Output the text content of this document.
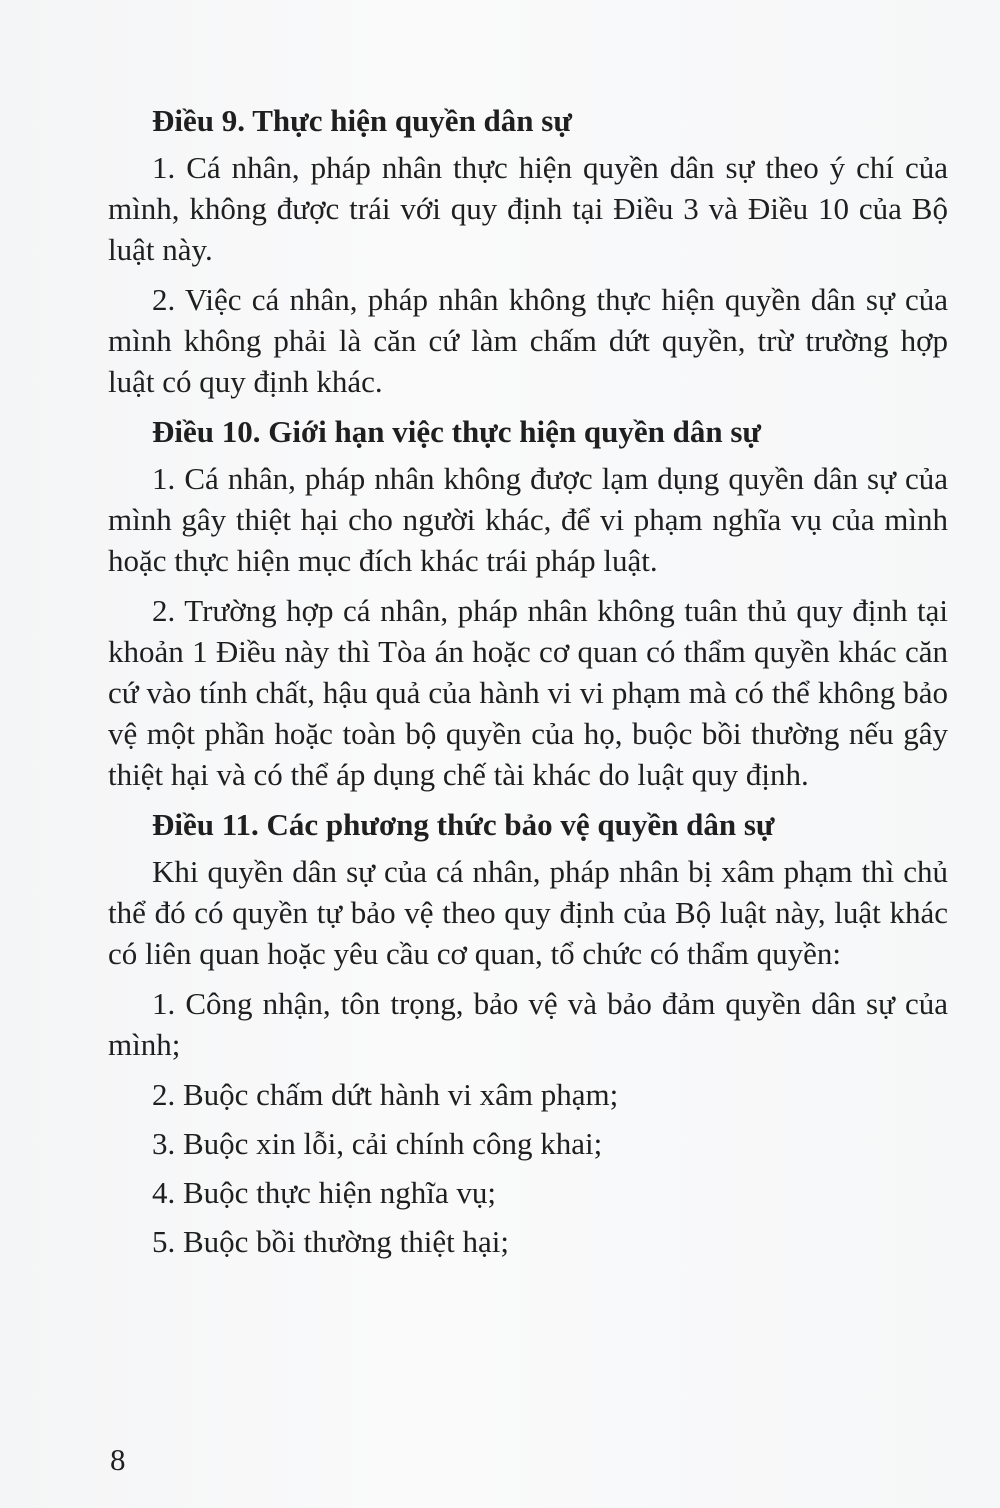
Điều 9. Thực hiện quyền dân sự

1. Cá nhân, pháp nhân thực hiện quyền dân sự theo ý chí của mình, không được trái với quy định tại Điều 3 và Điều 10 của Bộ luật này.

2. Việc cá nhân, pháp nhân không thực hiện quyền dân sự của mình không phải là căn cứ làm chấm dứt quyền, trừ trường hợp luật có quy định khác.

Điều 10. Giới hạn việc thực hiện quyền dân sự

1. Cá nhân, pháp nhân không được lạm dụng quyền dân sự của mình gây thiệt hại cho người khác, để vi phạm nghĩa vụ của mình hoặc thực hiện mục đích khác trái pháp luật.

2. Trường hợp cá nhân, pháp nhân không tuân thủ quy định tại khoản 1 Điều này thì Tòa án hoặc cơ quan có thẩm quyền khác căn cứ vào tính chất, hậu quả của hành vi vi phạm mà có thể không bảo vệ một phần hoặc toàn bộ quyền của họ, buộc bồi thường nếu gây thiệt hại và có thể áp dụng chế tài khác do luật quy định.

Điều 11. Các phương thức bảo vệ quyền dân sự

Khi quyền dân sự của cá nhân, pháp nhân bị xâm phạm thì chủ thể đó có quyền tự bảo vệ theo quy định của Bộ luật này, luật khác có liên quan hoặc yêu cầu cơ quan, tổ chức có thẩm quyền:

1. Công nhận, tôn trọng, bảo vệ và bảo đảm quyền dân sự của mình;

2. Buộc chấm dứt hành vi xâm phạm;
3. Buộc xin lỗi, cải chính công khai;
4. Buộc thực hiện nghĩa vụ;
5. Buộc bồi thường thiệt hại;
8
